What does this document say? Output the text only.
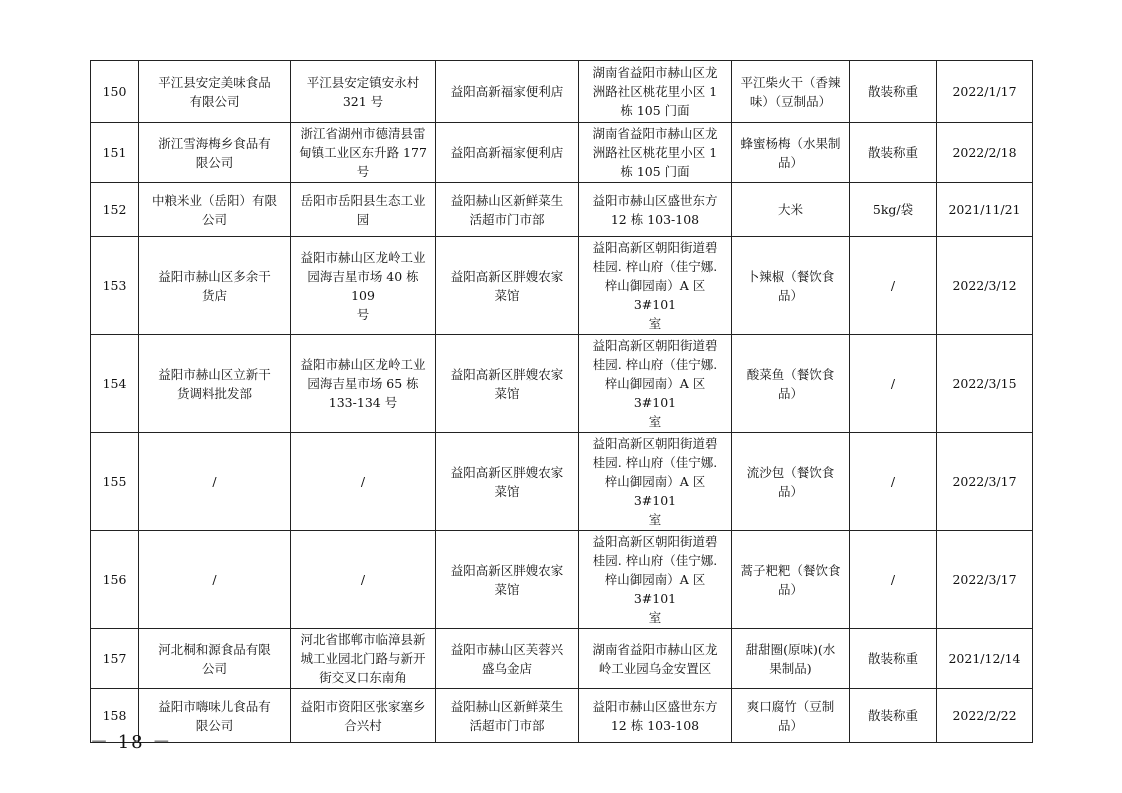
150	平江县安定美味食品
有限公司	平江县安定镇安永村
321 号	益阳高新福家便利店	湖南省益阳市赫山区龙
洲路社区桃花里小区 1
栋 105 门面	平江柴火干（香辣
味）（豆制品）	散装称重	2022/1/17
151	浙江雪海梅乡食品有
限公司	浙江省湖州市德清县雷
甸镇工业区东升路 177
号	益阳高新福家便利店	湖南省益阳市赫山区龙
洲路社区桃花里小区 1
栋 105 门面	蜂蜜杨梅（水果制
品）	散装称重	2022/2/18
152	中粮米业（岳阳）有限
公司	岳阳市岳阳县生态工业
园	益阳赫山区新鲜菜生
活超市门市部	益阳市赫山区盛世东方
12 栋 103-108	大米	5kg/袋	2021/11/21
153	益阳市赫山区多余干
货店	益阳市赫山区龙岭工业
园海吉星市场 40 栋 109
号	益阳高新区胖嫂农家
菜馆	益阳高新区朝阳街道碧
桂园. 梓山府（佳宁娜.
梓山御园南）A 区 3#101
室	卜辣椒（餐饮食
品）	/	2022/3/12
154	益阳市赫山区立新干
货调料批发部	益阳市赫山区龙岭工业
园海吉星市场 65 栋
133-134 号	益阳高新区胖嫂农家
菜馆	益阳高新区朝阳街道碧
桂园. 梓山府（佳宁娜.
梓山御园南）A 区 3#101
室	酸菜鱼（餐饮食
品）	/	2022/3/15
155	/	/	益阳高新区胖嫂农家
菜馆	益阳高新区朝阳街道碧
桂园. 梓山府（佳宁娜.
梓山御园南）A 区 3#101
室	流沙包（餐饮食
品）	/	2022/3/17
156	/	/	益阳高新区胖嫂农家
菜馆	益阳高新区朝阳街道碧
桂园. 梓山府（佳宁娜.
梓山御园南）A 区 3#101
室	蒿子粑粑（餐饮食
品）	/	2022/3/17
157	河北桐和源食品有限
公司	河北省邯郸市临漳县新
城工业园北门路与新开
街交叉口东南角	益阳市赫山区芙蓉兴
盛乌金店	湖南省益阳市赫山区龙
岭工业园乌金安置区	甜甜圈(原味)(水
果制品)	散装称重	2021/12/14
158	益阳市嗨味儿食品有
限公司	益阳市资阳区张家塞乡
合兴村	益阳赫山区新鲜菜生
活超市门市部	益阳市赫山区盛世东方
12 栋 103-108	爽口腐竹（豆制
品）	散装称重	2022/2/22
－ 18 －
